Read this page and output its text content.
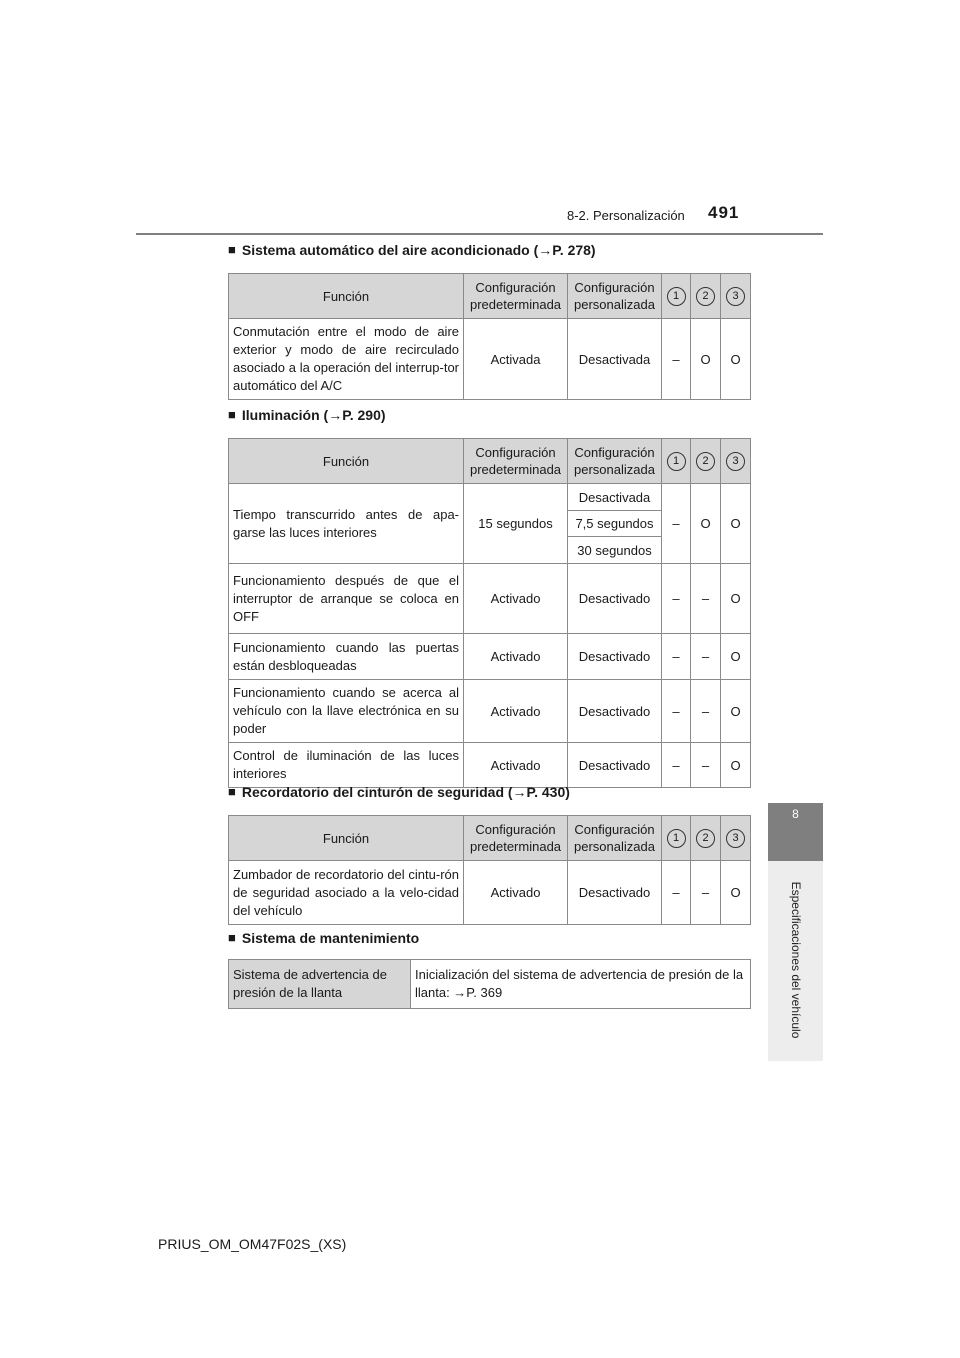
8-2. Personalización 491
8
Especificaciones del vehículo
■ Sistema automático del aire acondicionado (→P. 278)
Función	Configuración predeterminada	Configuración personalizada	1	2	3
Conmutación entre el modo de aire exterior y modo de aire recirculado asociado a la operación del interrup-tor automático del A/C	Activada	Desactivada	–	O	O
■ Iluminación (→P. 290)
Función	Configuración predeterminada	Configuración personalizada	1	2	3
Tiempo transcurrido antes de apa-garse las luces interiores	15 segundos	Desactivada	–	O	O
		7,5 segundos			
		30 segundos			
Funcionamiento después de que el interruptor de arranque se coloca en OFF	Activado	Desactivado	–	–	O
Funcionamiento cuando las puertas están desbloqueadas	Activado	Desactivado	–	–	O
Funcionamiento cuando se acerca al vehículo con la llave electrónica en su poder	Activado	Desactivado	–	–	O
Control de iluminación de las luces interiores	Activado	Desactivado	–	–	O
■ Recordatorio del cinturón de seguridad (→P. 430)
Función	Configuración predeterminada	Configuración personalizada	1	2	3
Zumbador de recordatorio del cintu-rón de seguridad asociado a la velo-cidad del vehículo	Activado	Desactivado	–	–	O
■ Sistema de mantenimiento
Sistema de advertencia de presión de la llanta	Inicialización del sistema de advertencia de presión de la llanta: →P. 369
PRIUS_OM_OM47F02S_(XS)
